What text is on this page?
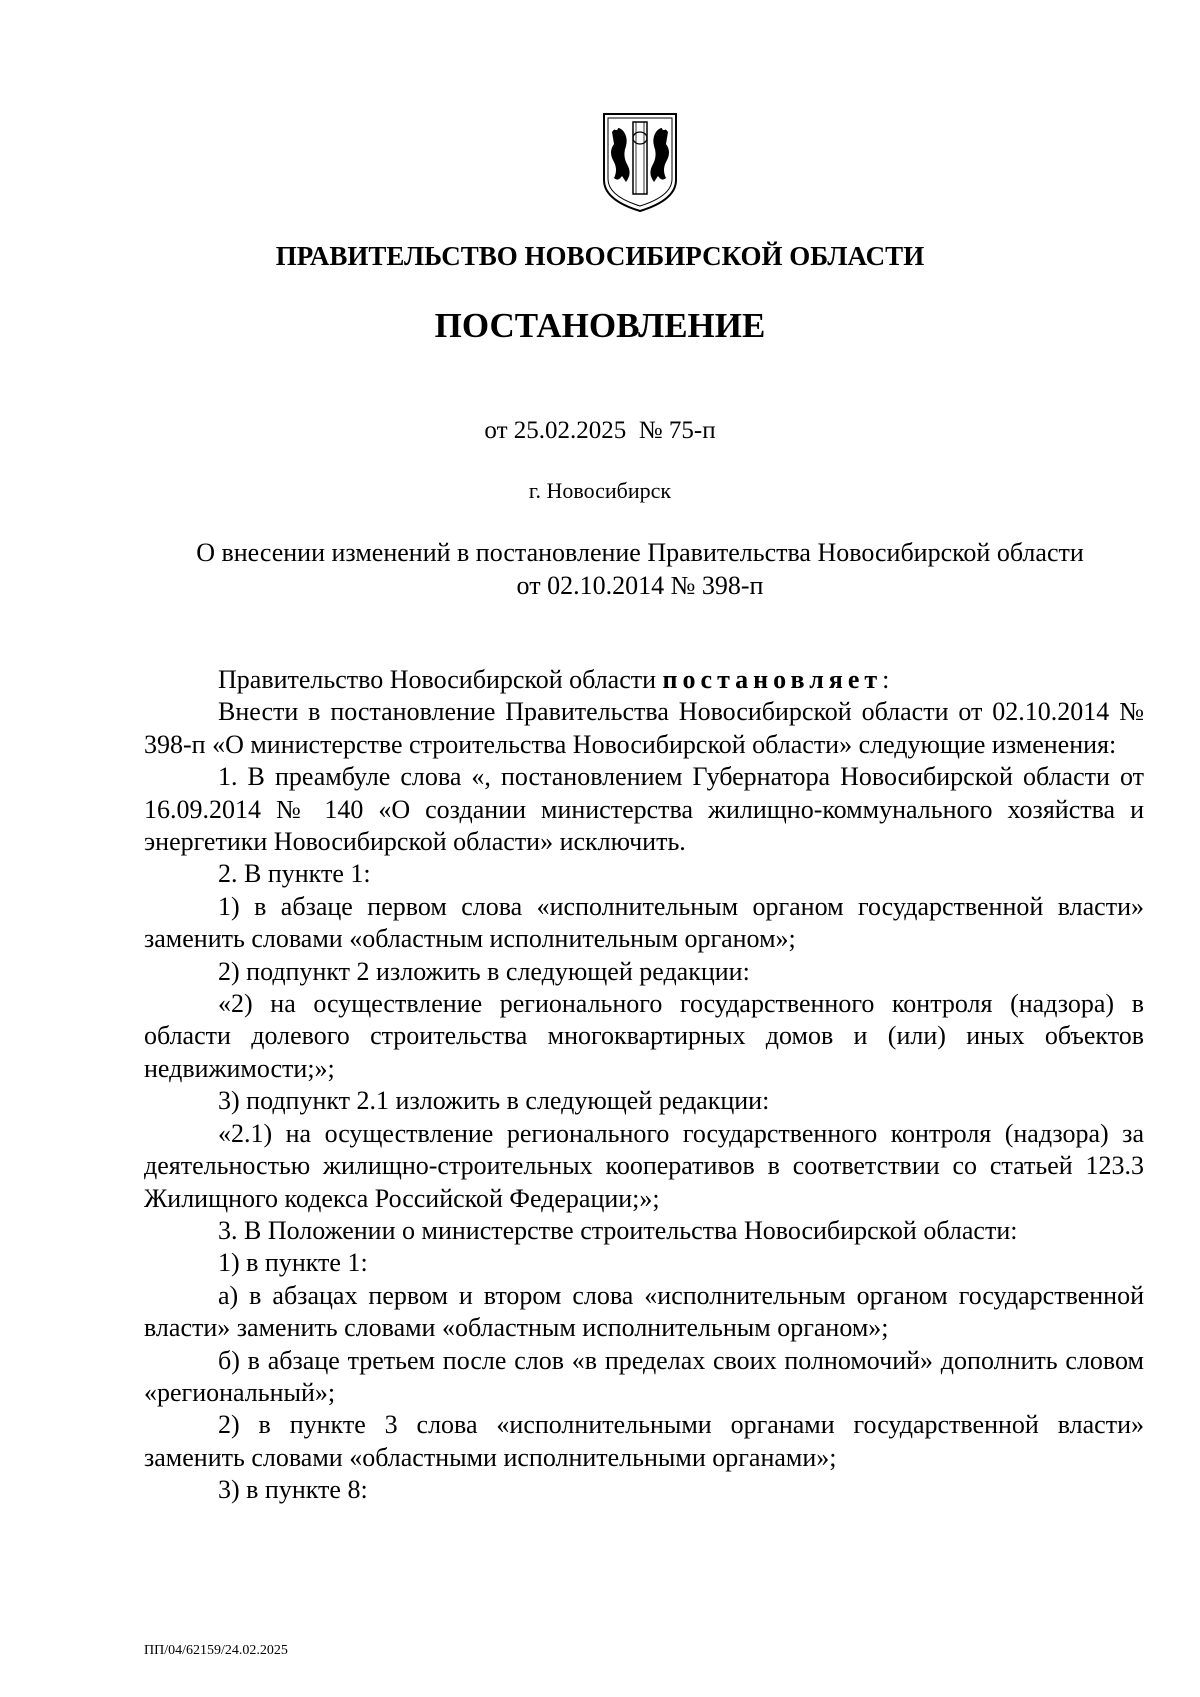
ПРАВИТЕЛЬСТВО НОВОСИБИРСКОЙ ОБЛАСТИ
ПОСТАНОВЛЕНИЕ
от 25.02.2025  № 75-п
г. Новосибирск
О внесении изменений в постановление Правительства Новосибирской области
от 02.10.2014 № 398-п

Правительство Новосибирской области постановляет:

Внести в постановление Правительства Новосибирской области от 02.10.2014 № 398-п «О министерстве строительства Новосибирской области» следующие изменения:

1. В преамбуле слова «, постановлением Губернатора Новосибирской области от 16.09.2014 № 140 «О создании министерства жилищно-коммунального хозяйства и энергетики Новосибирской области» исключить.

2. В пункте 1:

1) в абзаце первом слова «исполнительным органом государственной власти» заменить словами «областным исполнительным органом»;

2) подпункт 2 изложить в следующей редакции:

«2) на осуществление регионального государственного контроля (надзора) в области долевого строительства многоквартирных домов и (или) иных объектов недвижимости;»;

3) подпункт 2.1 изложить в следующей редакции:

«2.1) на осуществление регионального государственного контроля (надзора) за деятельностью жилищно-строительных кооперативов в соответствии со статьей 123.3 Жилищного кодекса Российской Федерации;»;

3. В Положении о министерстве строительства Новосибирской области:

1) в пункте 1:

а) в абзацах первом и втором слова «исполнительным органом государственной власти» заменить словами «областным исполнительным органом»;

б) в абзаце третьем после слов «в пределах своих полномочий» дополнить словом «региональный»;

2) в пункте 3 слова «исполнительными органами государственной власти» заменить словами «областными исполнительными органами»;

3) в пункте 8:

ПП/04/62159/24.02.2025
